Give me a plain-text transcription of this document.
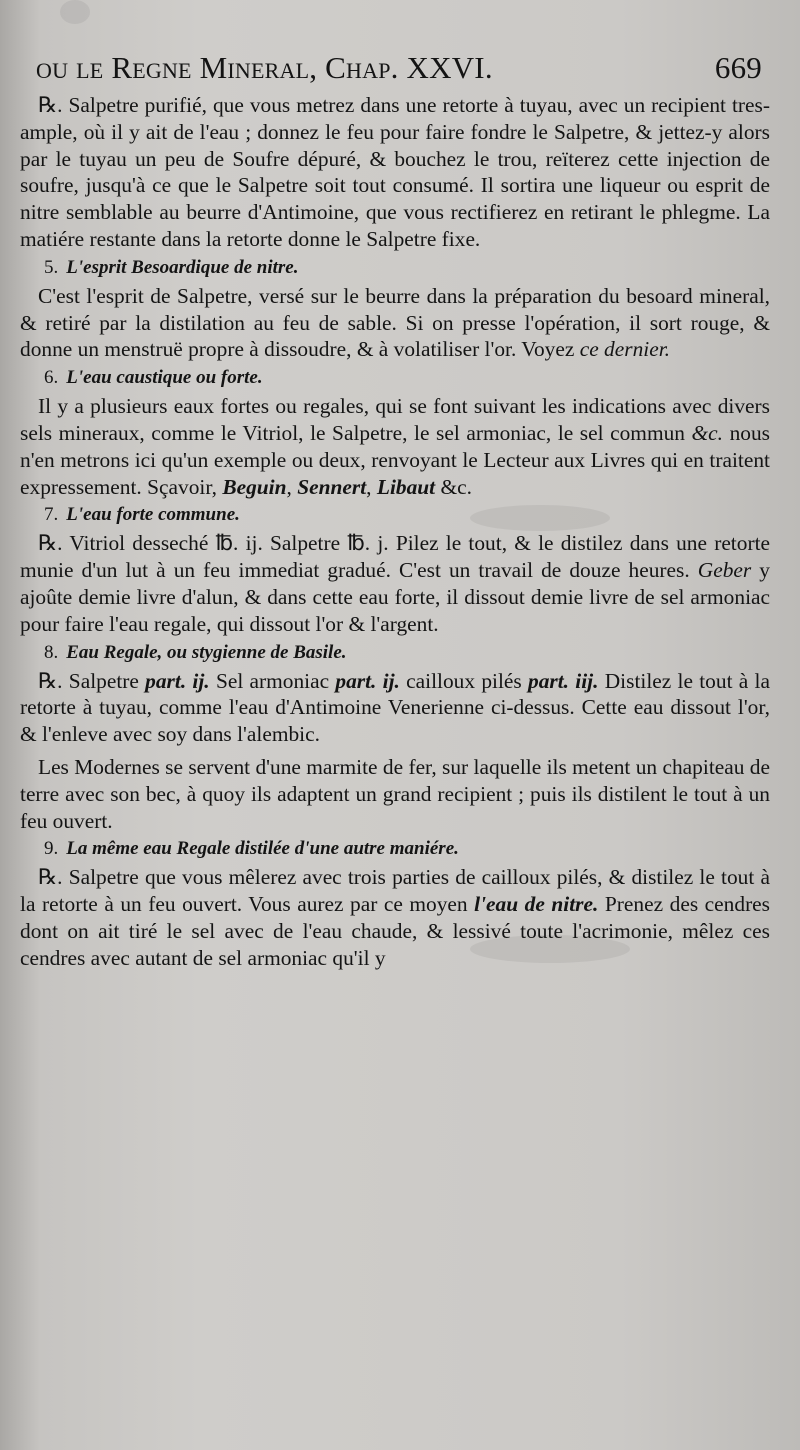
ou le Regne Mineral, Chap. XXVI.	669

℞. Salpetre purifié, que vous metrez dans une retorte à tuyau, avec un recipient tres-ample, où il y ait de l'eau ; donnez le feu pour faire fondre le Salpetre, & jettez-y alors par le tuyau un peu de Soufre dépuré, & bouchez le trou, reïterez cette injection de soufre, jusqu'à ce que le Salpetre soit tout consumé. Il sortira une liqueur ou esprit de nitre semblable au beurre d'Antimoine, que vous rectifierez en retirant le phlegme. La matiére restante dans la retorte donne le Salpetre fixe.

5. L'esprit Besoardique de nitre.

C'est l'esprit de Salpetre, versé sur le beurre dans la préparation du besoard mineral, & retiré par la distilation au feu de sable. Si on presse l'opération, il sort rouge, & donne un menstruë propre à dissoudre, & à volatiliser l'or. Voyez ce dernier.

6. L'eau caustique ou forte.

Il y a plusieurs eaux fortes ou regales, qui se font suivant les indications avec divers sels mineraux, comme le Vitriol, le Salpetre, le sel armoniac, le sel commun &c. nous n'en metrons ici qu'un exemple ou deux, renvoyant le Lecteur aux Livres qui en traitent expressement. Sçavoir, Beguin, Sennert, Libaut &c.

7. L'eau forte commune.

℞. Vitriol desseché ℔. ij. Salpetre ℔. j. Pilez le tout, & le distilez dans une retorte munie d'un lut à un feu immediat gradué. C'est un travail de douze heures. Geber y ajoûte demie livre d'alun, & dans cette eau forte, il dissout demie livre de sel armoniac pour faire l'eau regale, qui dissout l'or & l'argent.

8. Eau Regale, ou stygienne de Basile.

℞. Salpetre part. ij. Sel armoniac part. ij. cailloux pilés part. iij. Distilez le tout à la retorte à tuyau, comme l'eau d'Antimoine Venerienne ci-dessus. Cette eau dissout l'or, & l'enleve avec soy dans l'alembic.

Les Modernes se servent d'une marmite de fer, sur laquelle ils metent un chapiteau de terre avec son bec, à quoy ils adaptent un grand recipient ; puis ils distilent le tout à un feu ouvert.

9. La même eau Regale distilée d'une autre maniére.

℞. Salpetre que vous mêlerez avec trois parties de cailloux pilés, & distilez le tout à la retorte à un feu ouvert. Vous aurez par ce moyen l'eau de nitre. Prenez des cendres dont on ait tiré le sel avec de l'eau chaude, & lessivé toute l'acrimonie, mêlez ces cendres avec autant de sel armoniac qu'il y
